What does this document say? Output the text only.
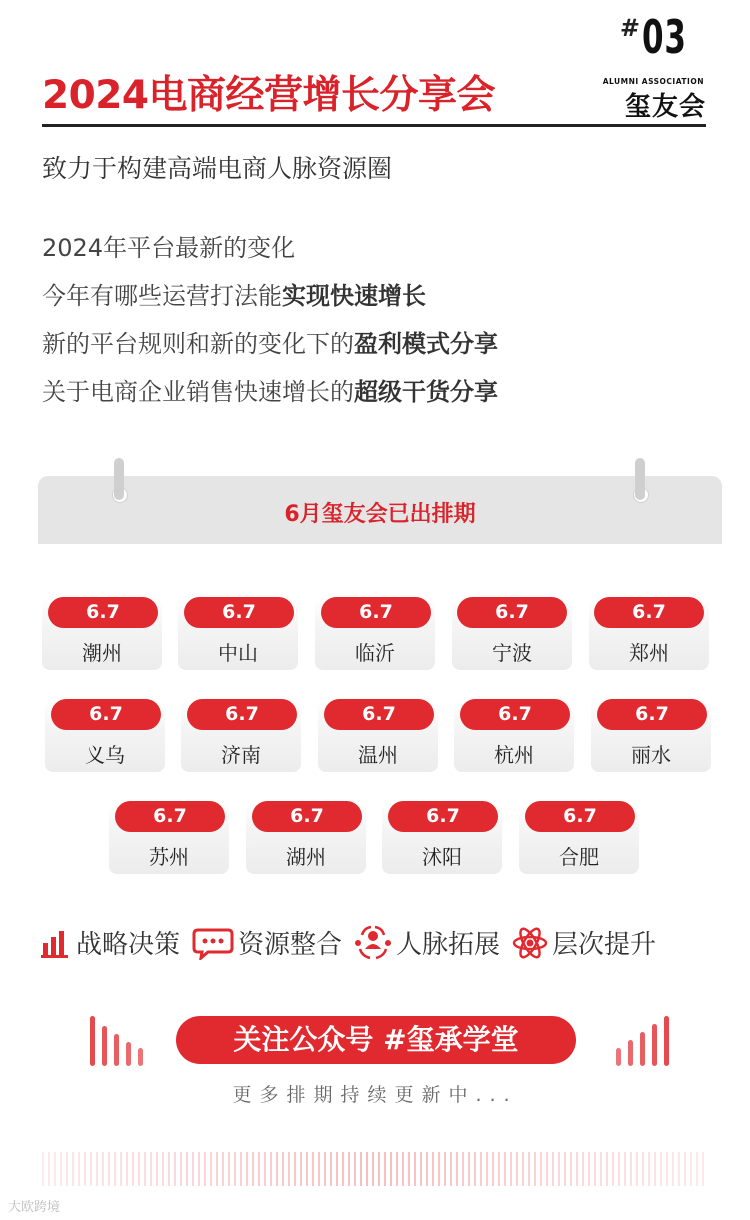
2024电商经营增长分享会
# 03
ALUMNI ASSOCIATION
玺友会
致力于构建高端电商人脉资源圈
2024年平台最新的变化
今年有哪些运营打法能实现快速增长
新的平台规则和新的变化下的盈利模式分享
关于电商企业销售快速增长的超级干货分享
6月玺友会已出排期
6.7
潮州
6.7
中山
6.7
临沂
6.7
宁波
6.7
郑州
6.7
义乌
6.7
济南
6.7
温州
6.7
杭州
6.7
丽水
6.7
苏州
6.7
湖州
6.7
沭阳
6.7
合肥
战略决策 资源整合 人脉拓展 层次提升
关注公众号 #玺承学堂
更多排期持续更新中...
大欧跨境
